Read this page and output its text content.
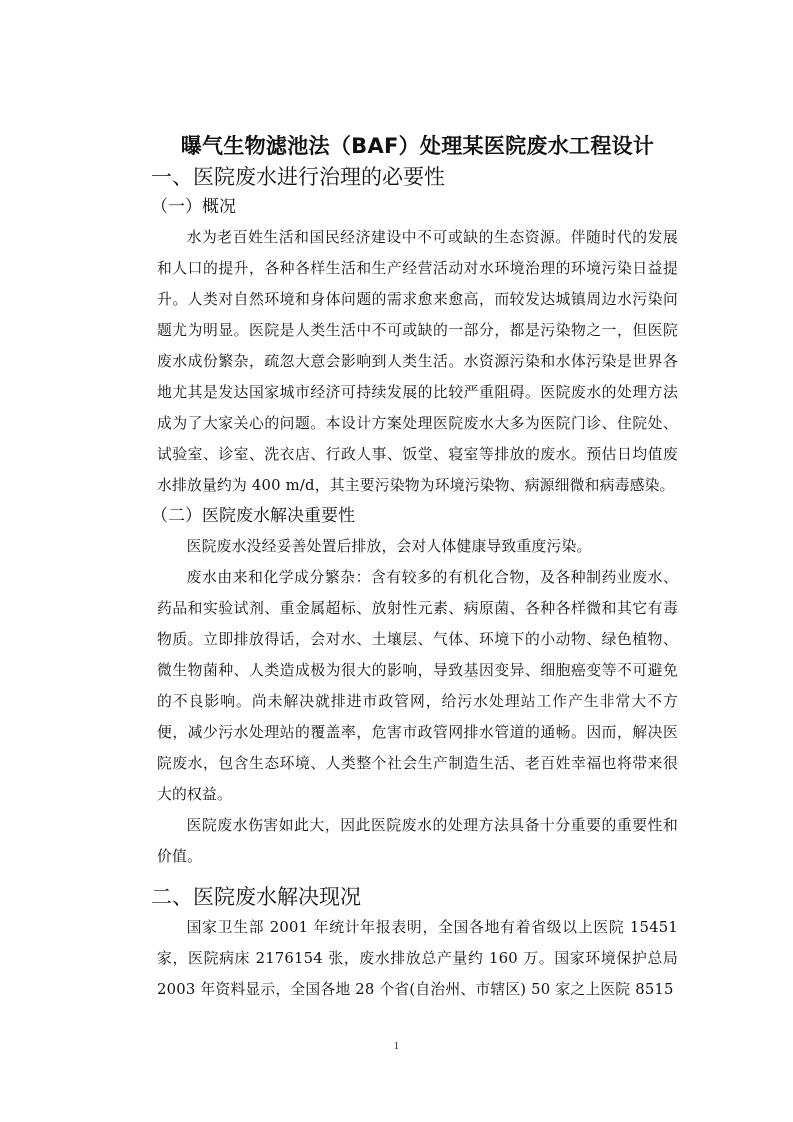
曝气生物滤池法（BAF）处理某医院废水工程设计
一、医院废水进行治理的必要性
（一）概况

水为老百姓生活和国民经济建设中不可或缺的生态资源。伴随时代的发展和人口的提升，各种各样生活和生产经营活动对水环境治理的环境污染日益提升。人类对自然环境和身体问题的需求愈来愈高，而较发达城镇周边水污染问题尤为明显。医院是人类生活中不可或缺的一部分，都是污染物之一，但医院废水成份繁杂，疏忽大意会影响到人类生活。水资源污染和水体污染是世界各地尤其是发达国家城市经济可持续发展的比较严重阻碍。医院废水的处理方法成为了大家关心的问题。本设计方案处理医院废水大多为医院门诊、住院处、试验室、诊室、洗衣店、行政人事、饭堂、寝室等排放的废水。预估日均值废水排放量约为 400 m/d，其主要污染物为环境污染物、病源细微和病毒感染。

（二）医院废水解决重要性

医院废水没经妥善处置后排放，会对人体健康导致重度污染。

废水由来和化学成分繁杂：含有较多的有机化合物，及各种制药业废水、药品和实验试剂、重金属超标、放射性元素、病原菌、各种各样微和其它有毒物质。立即排放得话，会对水、土壤层、气体、环境下的小动物、绿色植物、微生物菌种、人类造成极为很大的影响，导致基因变异、细胞癌变等不可避免的不良影响。尚未解决就排进市政管网，给污水处理站工作产生非常大不方便，减少污水处理站的覆盖率，危害市政管网排水管道的通畅。因而，解决医院废水，包含生态环境、人类整个社会生产制造生活、老百姓幸福也将带来很大的权益。

医院废水伤害如此大，因此医院废水的处理方法具备十分重要的重要性和价值。

二、医院废水解决现况

国家卫生部 2001 年统计年报表明，全国各地有着省级以上医院 15451 家，医院病床 2176154 张，废水排放总产量约 160 万。国家环境保护总局 2003 年资料显示，全国各地 28 个省(自治州、市辖区) 50 家之上医院 8515

1
